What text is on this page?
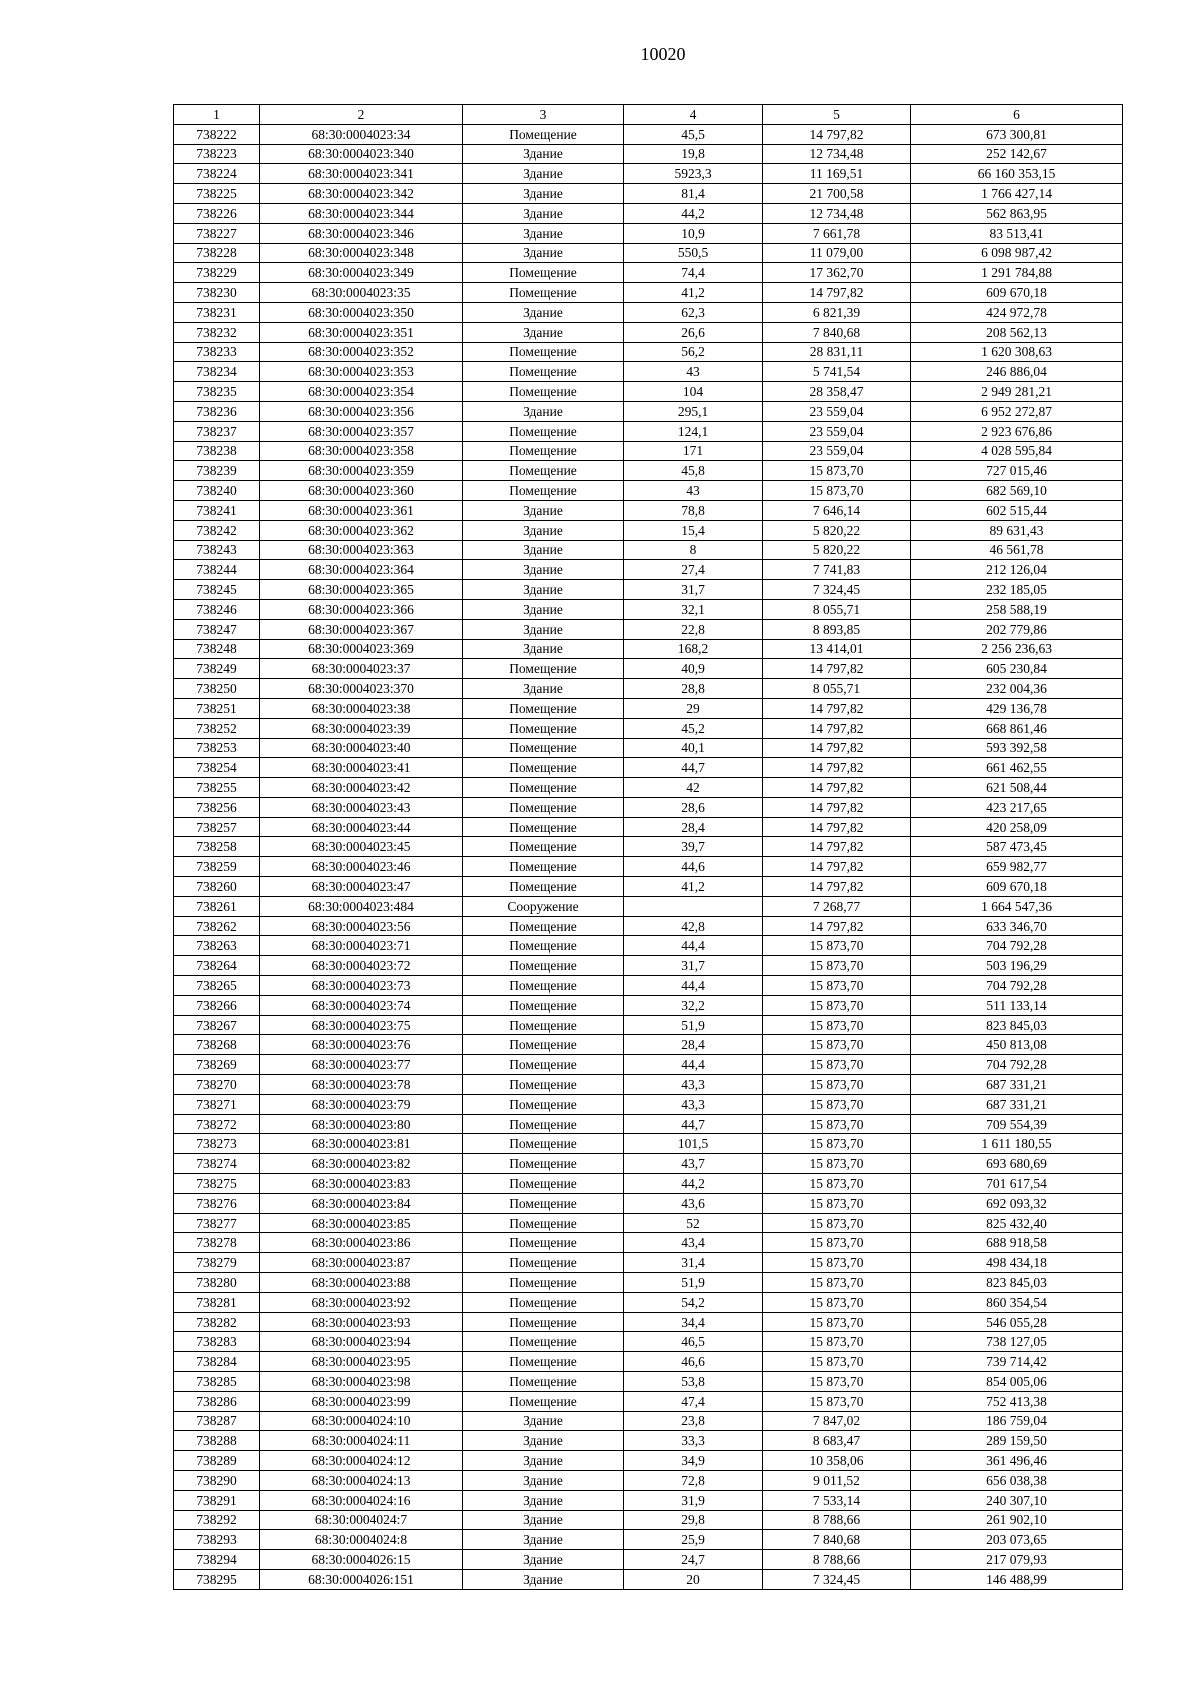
10020
1	2	3	4	5	6
738222	68:30:0004023:34	Помещение	45,5	14 797,82	673 300,81
738223	68:30:0004023:340	Здание	19,8	12 734,48	252 142,67
738224	68:30:0004023:341	Здание	5923,3	11 169,51	66 160 353,15
738225	68:30:0004023:342	Здание	81,4	21 700,58	1 766 427,14
738226	68:30:0004023:344	Здание	44,2	12 734,48	562 863,95
738227	68:30:0004023:346	Здание	10,9	7 661,78	83 513,41
738228	68:30:0004023:348	Здание	550,5	11 079,00	6 098 987,42
738229	68:30:0004023:349	Помещение	74,4	17 362,70	1 291 784,88
738230	68:30:0004023:35	Помещение	41,2	14 797,82	609 670,18
738231	68:30:0004023:350	Здание	62,3	6 821,39	424 972,78
738232	68:30:0004023:351	Здание	26,6	7 840,68	208 562,13
738233	68:30:0004023:352	Помещение	56,2	28 831,11	1 620 308,63
738234	68:30:0004023:353	Помещение	43	5 741,54	246 886,04
738235	68:30:0004023:354	Помещение	104	28 358,47	2 949 281,21
738236	68:30:0004023:356	Здание	295,1	23 559,04	6 952 272,87
738237	68:30:0004023:357	Помещение	124,1	23 559,04	2 923 676,86
738238	68:30:0004023:358	Помещение	171	23 559,04	4 028 595,84
738239	68:30:0004023:359	Помещение	45,8	15 873,70	727 015,46
738240	68:30:0004023:360	Помещение	43	15 873,70	682 569,10
738241	68:30:0004023:361	Здание	78,8	7 646,14	602 515,44
738242	68:30:0004023:362	Здание	15,4	5 820,22	89 631,43
738243	68:30:0004023:363	Здание	8	5 820,22	46 561,78
738244	68:30:0004023:364	Здание	27,4	7 741,83	212 126,04
738245	68:30:0004023:365	Здание	31,7	7 324,45	232 185,05
738246	68:30:0004023:366	Здание	32,1	8 055,71	258 588,19
738247	68:30:0004023:367	Здание	22,8	8 893,85	202 779,86
738248	68:30:0004023:369	Здание	168,2	13 414,01	2 256 236,63
738249	68:30:0004023:37	Помещение	40,9	14 797,82	605 230,84
738250	68:30:0004023:370	Здание	28,8	8 055,71	232 004,36
738251	68:30:0004023:38	Помещение	29	14 797,82	429 136,78
738252	68:30:0004023:39	Помещение	45,2	14 797,82	668 861,46
738253	68:30:0004023:40	Помещение	40,1	14 797,82	593 392,58
738254	68:30:0004023:41	Помещение	44,7	14 797,82	661 462,55
738255	68:30:0004023:42	Помещение	42	14 797,82	621 508,44
738256	68:30:0004023:43	Помещение	28,6	14 797,82	423 217,65
738257	68:30:0004023:44	Помещение	28,4	14 797,82	420 258,09
738258	68:30:0004023:45	Помещение	39,7	14 797,82	587 473,45
738259	68:30:0004023:46	Помещение	44,6	14 797,82	659 982,77
738260	68:30:0004023:47	Помещение	41,2	14 797,82	609 670,18
738261	68:30:0004023:484	Сооружение		7 268,77	1 664 547,36
738262	68:30:0004023:56	Помещение	42,8	14 797,82	633 346,70
738263	68:30:0004023:71	Помещение	44,4	15 873,70	704 792,28
738264	68:30:0004023:72	Помещение	31,7	15 873,70	503 196,29
738265	68:30:0004023:73	Помещение	44,4	15 873,70	704 792,28
738266	68:30:0004023:74	Помещение	32,2	15 873,70	511 133,14
738267	68:30:0004023:75	Помещение	51,9	15 873,70	823 845,03
738268	68:30:0004023:76	Помещение	28,4	15 873,70	450 813,08
738269	68:30:0004023:77	Помещение	44,4	15 873,70	704 792,28
738270	68:30:0004023:78	Помещение	43,3	15 873,70	687 331,21
738271	68:30:0004023:79	Помещение	43,3	15 873,70	687 331,21
738272	68:30:0004023:80	Помещение	44,7	15 873,70	709 554,39
738273	68:30:0004023:81	Помещение	101,5	15 873,70	1 611 180,55
738274	68:30:0004023:82	Помещение	43,7	15 873,70	693 680,69
738275	68:30:0004023:83	Помещение	44,2	15 873,70	701 617,54
738276	68:30:0004023:84	Помещение	43,6	15 873,70	692 093,32
738277	68:30:0004023:85	Помещение	52	15 873,70	825 432,40
738278	68:30:0004023:86	Помещение	43,4	15 873,70	688 918,58
738279	68:30:0004023:87	Помещение	31,4	15 873,70	498 434,18
738280	68:30:0004023:88	Помещение	51,9	15 873,70	823 845,03
738281	68:30:0004023:92	Помещение	54,2	15 873,70	860 354,54
738282	68:30:0004023:93	Помещение	34,4	15 873,70	546 055,28
738283	68:30:0004023:94	Помещение	46,5	15 873,70	738 127,05
738284	68:30:0004023:95	Помещение	46,6	15 873,70	739 714,42
738285	68:30:0004023:98	Помещение	53,8	15 873,70	854 005,06
738286	68:30:0004023:99	Помещение	47,4	15 873,70	752 413,38
738287	68:30:0004024:10	Здание	23,8	7 847,02	186 759,04
738288	68:30:0004024:11	Здание	33,3	8 683,47	289 159,50
738289	68:30:0004024:12	Здание	34,9	10 358,06	361 496,46
738290	68:30:0004024:13	Здание	72,8	9 011,52	656 038,38
738291	68:30:0004024:16	Здание	31,9	7 533,14	240 307,10
738292	68:30:0004024:7	Здание	29,8	8 788,66	261 902,10
738293	68:30:0004024:8	Здание	25,9	7 840,68	203 073,65
738294	68:30:0004026:15	Здание	24,7	8 788,66	217 079,93
738295	68:30:0004026:151	Здание	20	7 324,45	146 488,99
